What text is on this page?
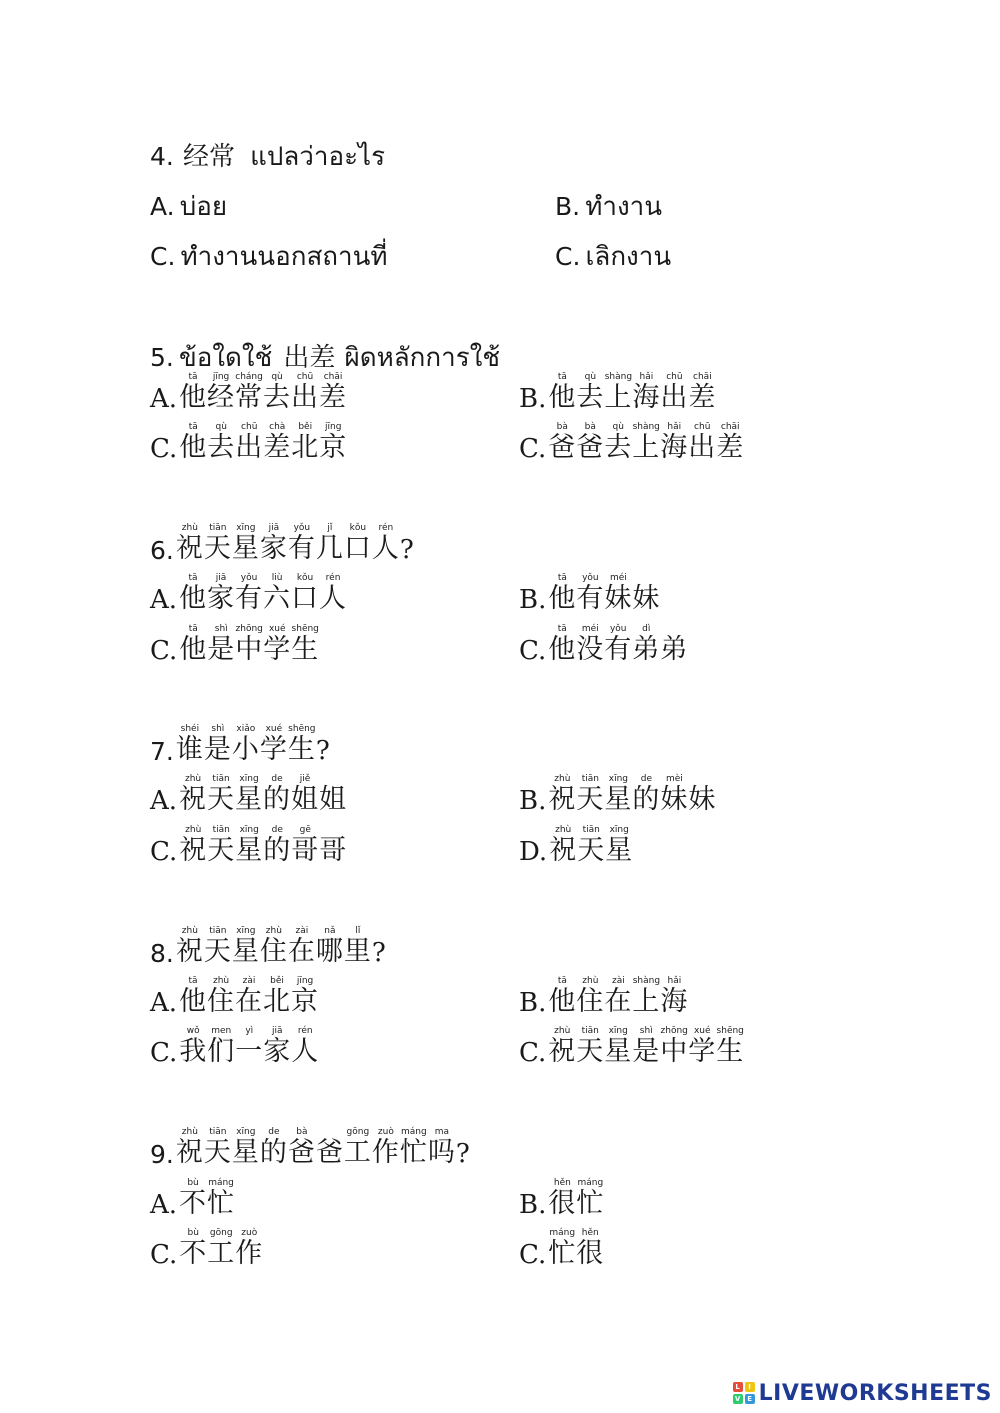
4. 经常 แปลว่าอะไร
A. บ่อย	B. ทำงาน
C. ทำงานนอกสถานที่	C. เลิกงาน
5. ข้อใดใช้ 出差 ผิดหลักการใช้
A.他tā经jīng常cháng去qù出chū差chāi
B.他tā去qù上shàng海hǎi出chū差chāi
C.他tā去qù出chū差chà北běi京jīng
C.爸bà爸bà去qù上shàng海hǎi出chū差chāi
6.祝zhù天tiān星xīng家jiā有yǒu几jǐ口kǒu人rén?
A.他tā家jiā有yǒu六liù口kǒu人rén
B.他tā有yǒu妹méi妹
C.他tā是shì中zhōng学xué生shēng
C.他tā没méi有yǒu弟dì弟
7.谁shéi是shì小xiǎo学xué生shēng?
A.祝zhù天tiān星xīng的de姐jiě姐	B.祝zhù天tiān星xīng的de妹mèi妹
C.祝zhù天tiān星xīng的de哥gē哥	D.祝zhù天tiān星xīng
8.祝zhù天tiān星xīng住zhù在zài哪nǎ里lǐ?
A.他tā住zhù在zài北běi京jīng
B.他tā住zhù在zài上shàng海hǎi
C.我wǒ们men一yì家jiā人rén
C.祝zhù天tiān星xīng是shì中zhōng学xué生shēng
9.祝zhù天tiān星xīng的de爸bà爸工gōng作zuò忙máng吗ma?
A.不bù忙máng
B.很hěn忙máng
C.不bù工gōng作zuò
C.忙máng很hěn
L	I
V E LIVEWORKSHEETS
